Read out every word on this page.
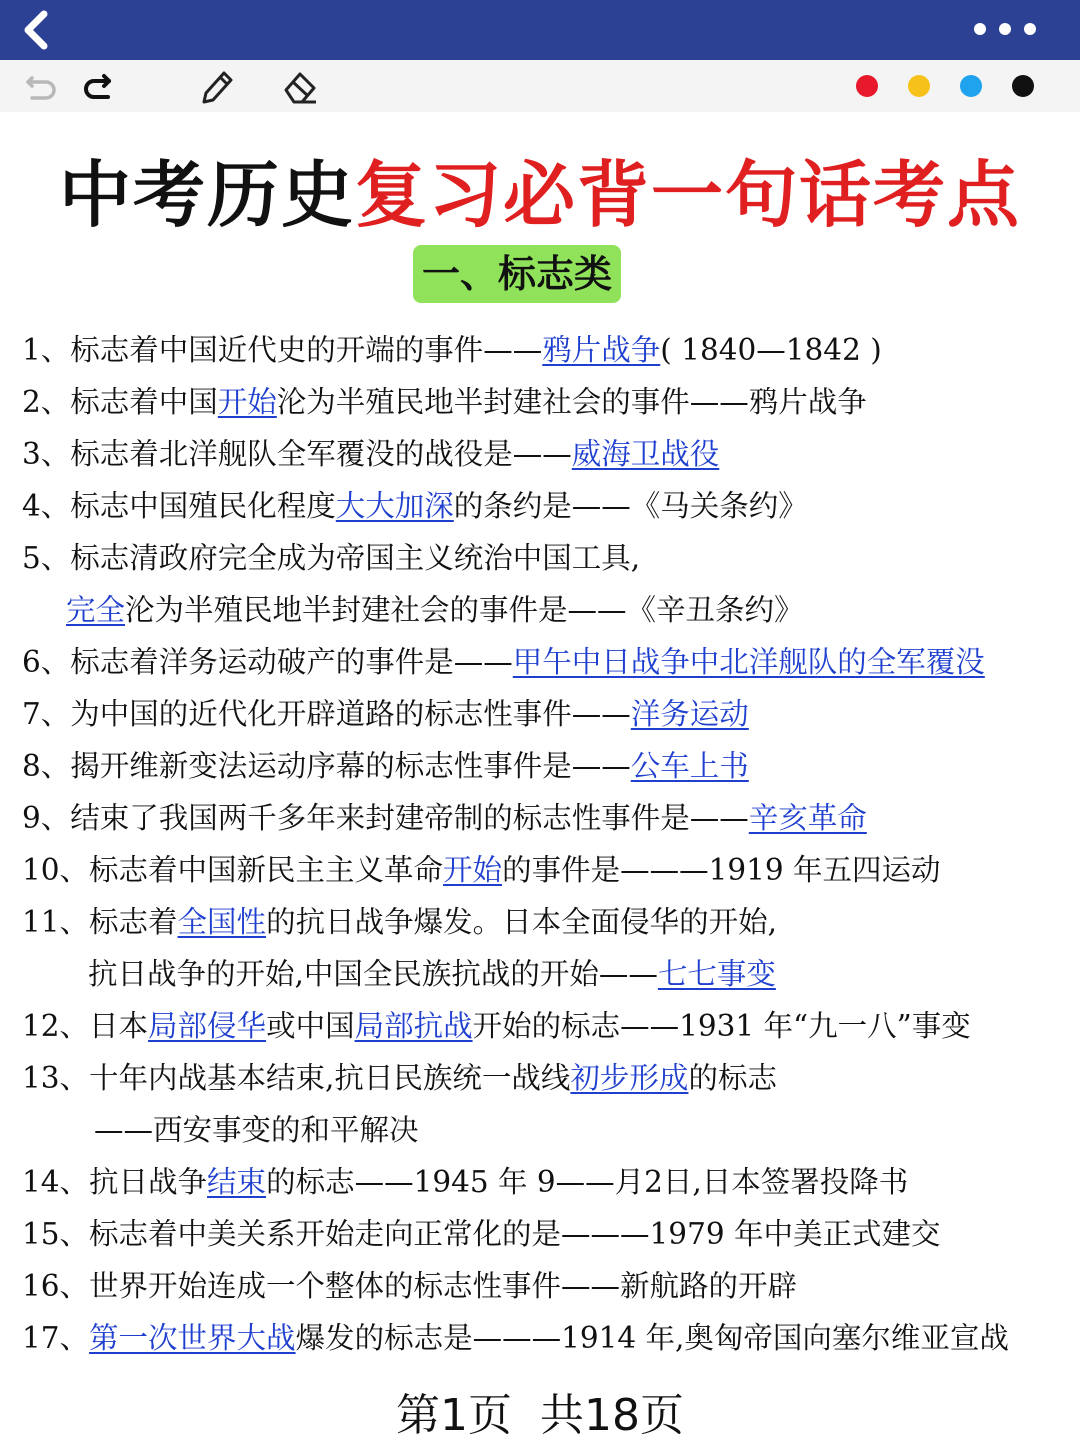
中考历史复习必背一句话考点
一、标志类
1、标志着中国近代史的开端的事件——鸦片战争( 1840—1842 )
2、标志着中国开始沦为半殖民地半封建社会的事件——鸦片战争
3、标志着北洋舰队全军覆没的战役是——威海卫战役
4、标志中国殖民化程度大大加深的条约是——《马关条约》
5、标志清政府完全成为帝国主义统治中国工具,
完全沦为半殖民地半封建社会的事件是——《辛丑条约》
6、标志着洋务运动破产的事件是——甲午中日战争中北洋舰队的全军覆没
7、为中国的近代化开辟道路的标志性事件——洋务运动
8、揭开维新变法运动序幕的标志性事件是——公车上书
9、结束了我国两千多年来封建帝制的标志性事件是——辛亥革命
10、标志着中国新民主主义革命开始的事件是———1919 年五四运动
11、标志着全国性的抗日战争爆发。日本全面侵华的开始,
抗日战争的开始,中国全民族抗战的开始——七七事变
12、日本局部侵华或中国局部抗战开始的标志——1931 年“九一八”事变
13、十年内战基本结束,抗日民族统一战线初步形成的标志
——西安事变的和平解决
14、抗日战争结束的标志——1945 年 9——月2日,日本签署投降书
15、标志着中美关系开始走向正常化的是———1979 年中美正式建交
16、世界开始连成一个整体的标志性事件——新航路的开辟
17、第一次世界大战爆发的标志是———1914 年,奥匈帝国向塞尔维亚宣战
第1页  共18页
